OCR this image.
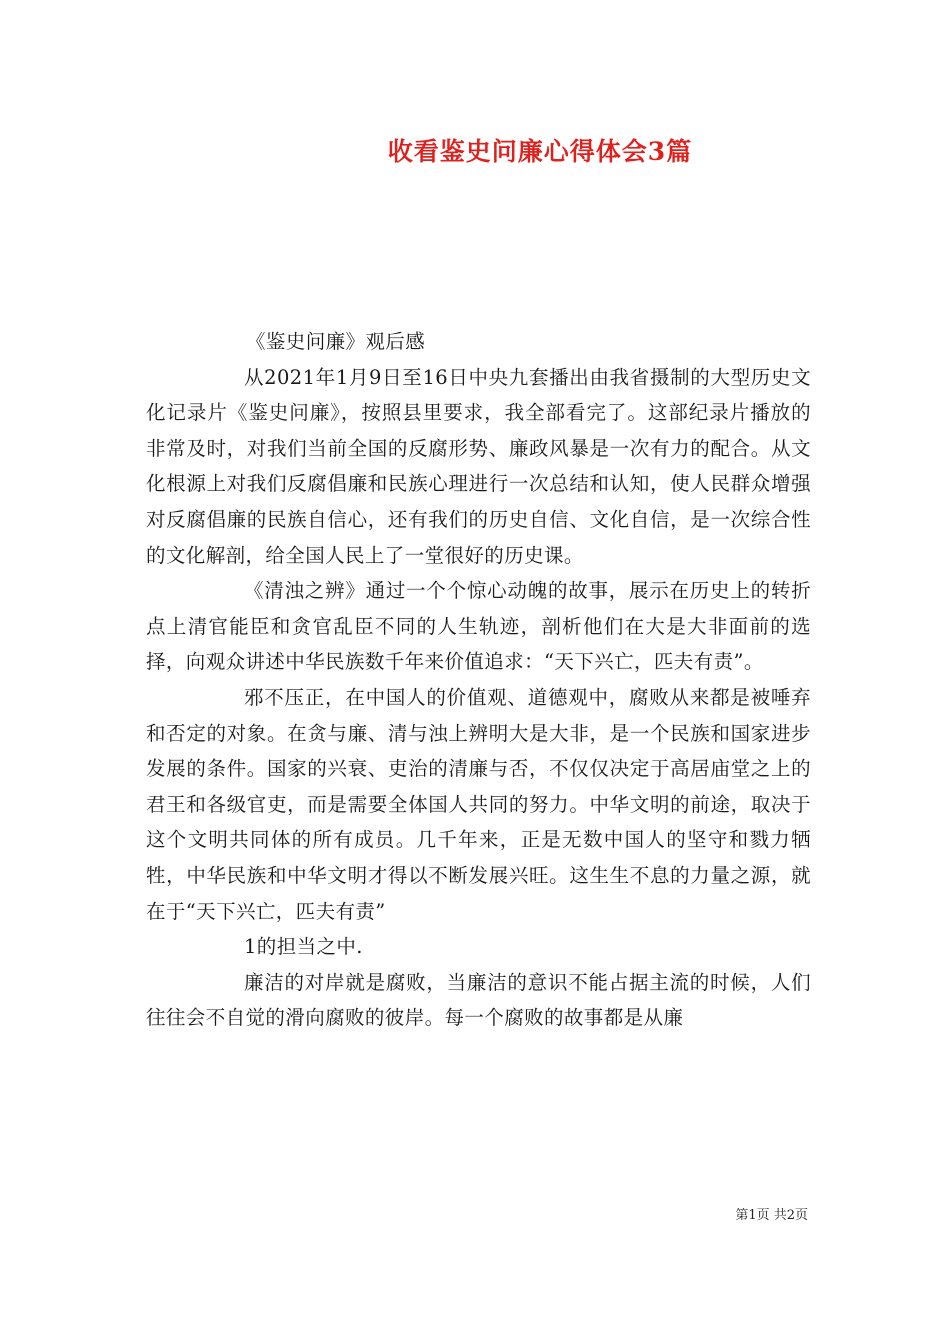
收看鉴史问廉心得体会3篇

《鉴史问廉》观后感

从2021年1月9日至16日中央九套播出由我省摄制的大型历史文化记录片《鉴史问廉》，按照县里要求，我全部看完了。这部纪录片播放的非常及时，对我们当前全国的反腐形势、廉政风暴是一次有力的配合。从文化根源上对我们反腐倡廉和民族心理进行一次总结和认知，使人民群众增强对反腐倡廉的民族自信心，还有我们的历史自信、文化自信，是一次综合性的文化解剖，给全国人民上了一堂很好的历史课。

《清浊之辨》通过一个个惊心动魄的故事，展示在历史上的转折点上清官能臣和贪官乱臣不同的人生轨迹，剖析他们在大是大非面前的选择，向观众讲述中华民族数千年来价值追求：“天下兴亡，匹夫有责”。

邪不压正，在中国人的价值观、道德观中，腐败从来都是被唾弃和否定的对象。在贪与廉、清与浊上辨明大是大非，是一个民族和国家进步发展的条件。国家的兴衰、吏治的清廉与否，不仅仅决定于高居庙堂之上的君王和各级官吏，而是需要全体国人共同的努力。中华文明的前途，取决于这个文明共同体的所有成员。几千年来，正是无数中国人的坚守和戮力牺牲，中华民族和中华文明才得以不断发展兴旺。这生生不息的力量之源，就在于“天下兴亡，匹夫有责”

1的担当之中.

廉洁的对岸就是腐败，当廉洁的意识不能占据主流的时候，人们往往会不自觉的滑向腐败的彼岸。每一个腐败的故事都是从廉

第1页 共2页
